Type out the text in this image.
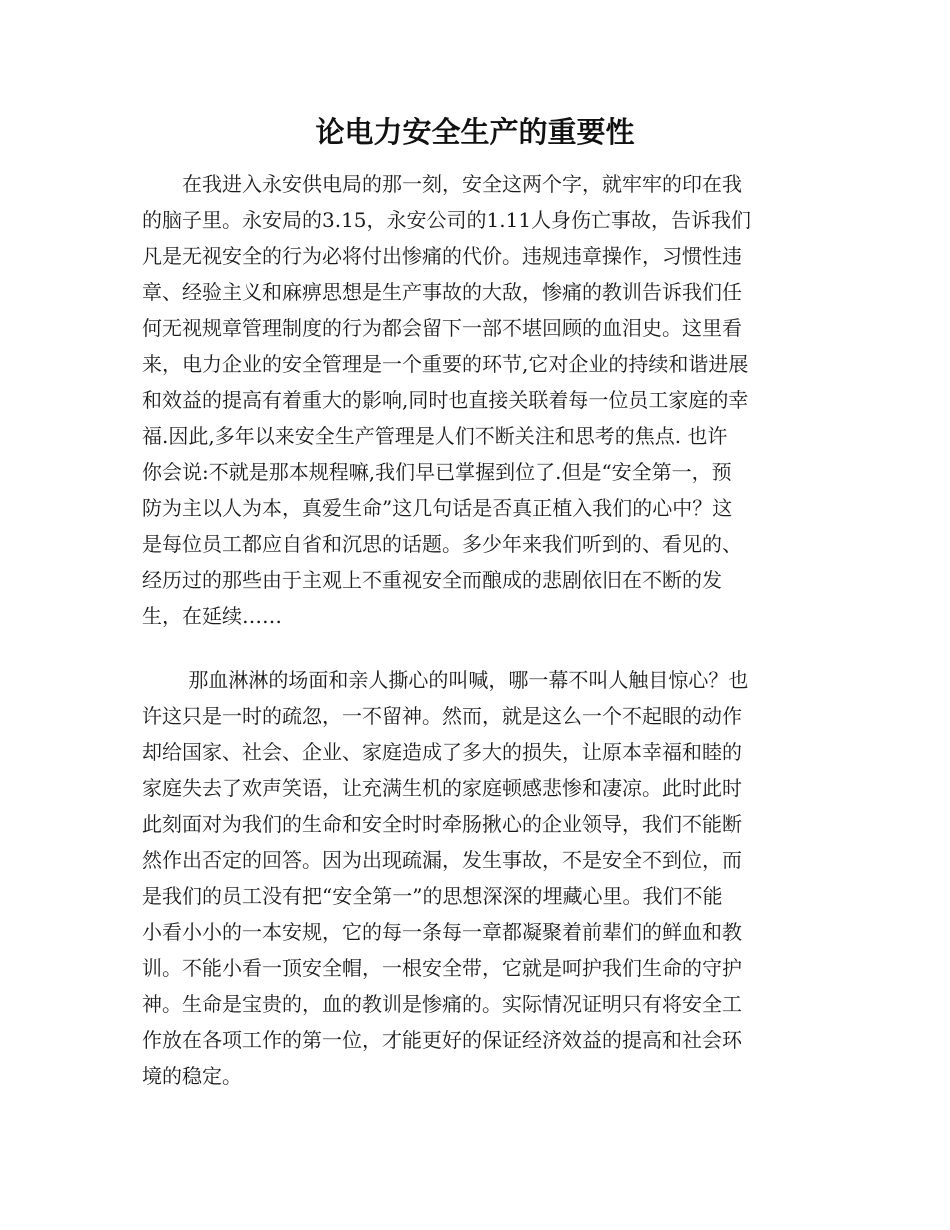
论电力安全生产的重要性

　　在我进入永安供电局的那一刻，安全这两个字，就牢牢的印在我

的脑子里。永安局的3.15，永安公司的1.11人身伤亡事故，告诉我们

凡是无视安全的行为必将付出惨痛的代价。违规违章操作，习惯性违

章、经验主义和麻痹思想是生产事故的大敌，惨痛的教训告诉我们任

何无视规章管理制度的行为都会留下一部不堪回顾的血泪史。这里看

来，电力企业的安全管理是一个重要的环节,它对企业的持续和谐进展

和效益的提高有着重大的影响,同时也直接关联着每一位员工家庭的幸

福.因此,多年以来安全生产管理是人们不断关注和思考的焦点. 也许

你会说:不就是那本规程嘛,我们早已掌握到位了.但是“安全第一，预

防为主以人为本，真爱生命”这几句话是否真正植入我们的心中？这

是每位员工都应自省和沉思的话题。多少年来我们听到的、看见的、

经历过的那些由于主观上不重视安全而酿成的悲剧依旧在不断的发

生，在延续……

　　 那血淋淋的场面和亲人撕心的叫喊，哪一幕不叫人触目惊心？也

许这只是一时的疏忽，一不留神。然而，就是这么一个不起眼的动作

却给国家、社会、企业、家庭造成了多大的损失，让原本幸福和睦的

家庭失去了欢声笑语，让充满生机的家庭顿感悲惨和凄凉。此时此时

此刻面对为我们的生命和安全时时牵肠揪心的企业领导，我们不能断

然作出否定的回答。因为出现疏漏，发生事故，不是安全不到位，而

是我们的员工没有把“安全第一”的思想深深的埋藏心里。我们不能

小看小小的一本安规，它的每一条每一章都凝聚着前辈们的鲜血和教

训。不能小看一顶安全帽，一根安全带，它就是呵护我们生命的守护

神。生命是宝贵的，血的教训是惨痛的。实际情况证明只有将安全工

作放在各项工作的第一位，才能更好的保证经济效益的提高和社会环

境的稳定。
